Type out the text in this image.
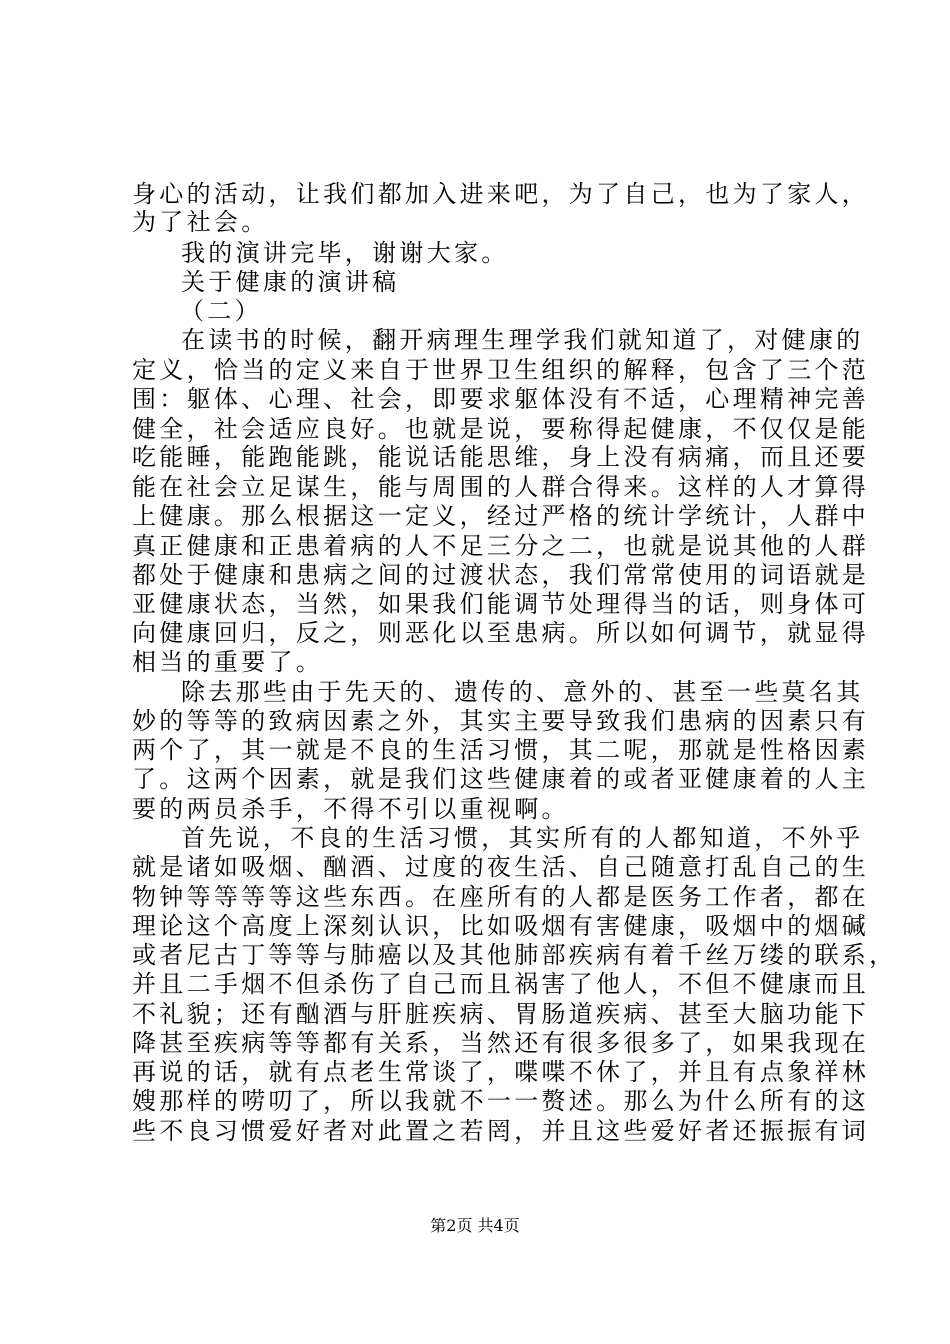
身心的活动，让我们都加入进来吧，为了自己，也为了家人，
为了社会。
我的演讲完毕，谢谢大家。
关于健康的演讲稿
（二）
在读书的时候，翻开病理生理学我们就知道了，对健康的
定义，恰当的定义来自于世界卫生组织的解释，包含了三个范
围：躯体、心理、社会，即要求躯体没有不适，心理精神完善
健全，社会适应良好。也就是说，要称得起健康，不仅仅是能
吃能睡，能跑能跳，能说话能思维，身上没有病痛，而且还要
能在社会立足谋生，能与周围的人群合得来。这样的人才算得
上健康。那么根据这一定义，经过严格的统计学统计，人群中
真正健康和正患着病的人不足三分之二，也就是说其他的人群
都处于健康和患病之间的过渡状态，我们常常使用的词语就是
亚健康状态，当然，如果我们能调节处理得当的话，则身体可
向健康回归，反之，则恶化以至患病。所以如何调节，就显得
相当的重要了。
除去那些由于先天的、遗传的、意外的、甚至一些莫名其
妙的等等的致病因素之外，其实主要导致我们患病的因素只有
两个了，其一就是不良的生活习惯，其二呢，那就是性格因素
了。这两个因素，就是我们这些健康着的或者亚健康着的人主
要的两员杀手，不得不引以重视啊。
首先说，不良的生活习惯，其实所有的人都知道，不外乎
就是诸如吸烟、酗酒、过度的夜生活、自己随意打乱自己的生
物钟等等等等这些东西。在座所有的人都是医务工作者，都在
理论这个高度上深刻认识，比如吸烟有害健康，吸烟中的烟碱
或者尼古丁等等与肺癌以及其他肺部疾病有着千丝万缕的联系，
并且二手烟不但杀伤了自己而且祸害了他人，不但不健康而且
不礼貌；还有酗酒与肝脏疾病、胃肠道疾病、甚至大脑功能下
降甚至疾病等等都有关系，当然还有很多很多了，如果我现在
再说的话，就有点老生常谈了，喋喋不休了，并且有点象祥林
嫂那样的唠叨了，所以我就不一一赘述。那么为什么所有的这
些不良习惯爱好者对此置之若罔，并且这些爱好者还振振有词
第2页 共4页
